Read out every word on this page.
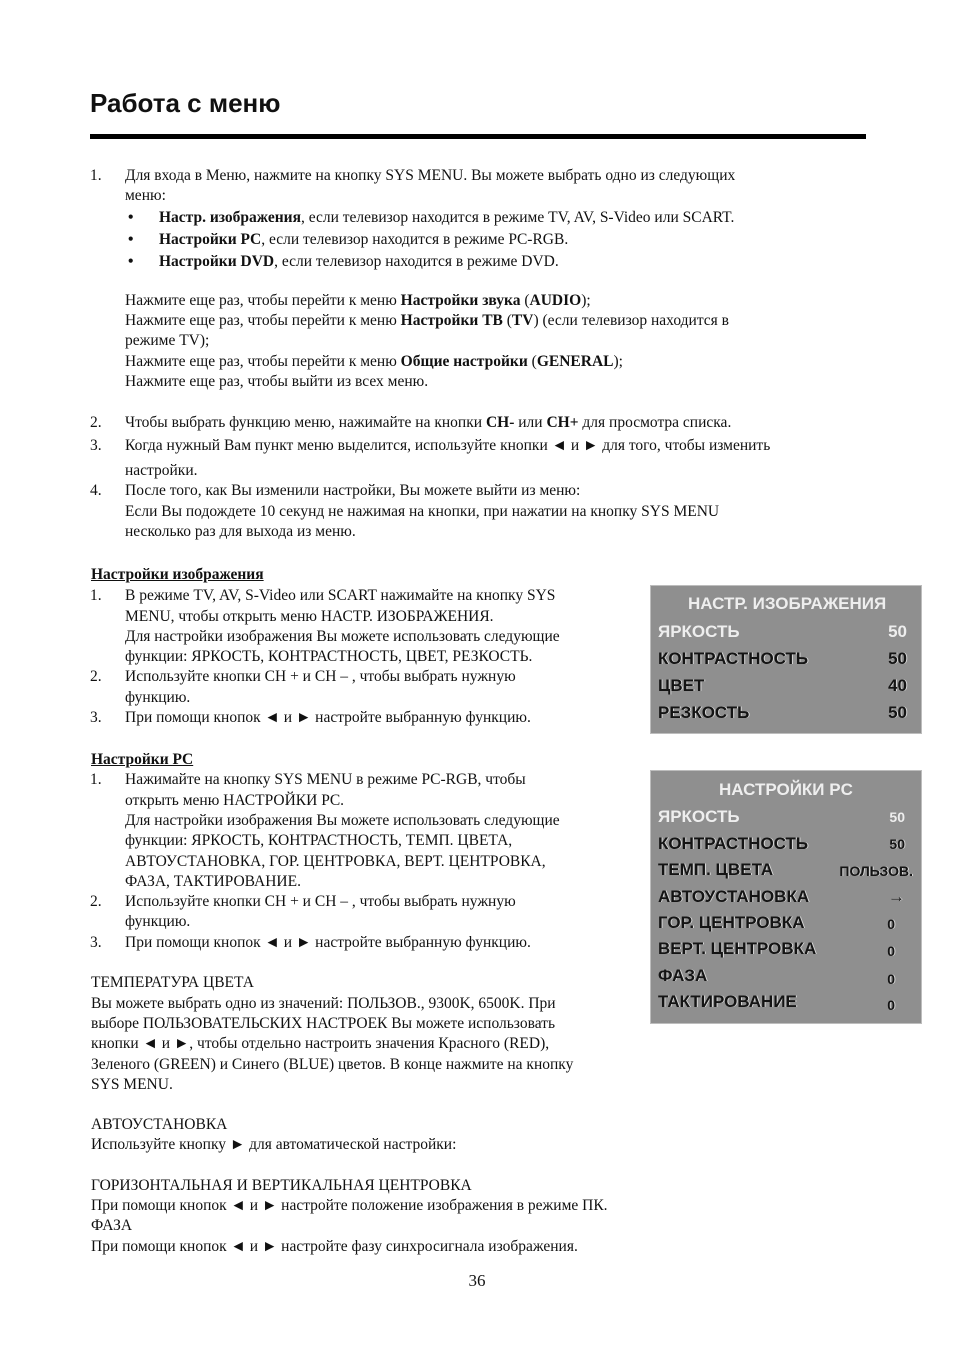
Работа с меню
1. Для входа в Меню, нажмите на кнопку SYS MENU. Вы можете выбрать одно из следующих
меню:
• Настр. изображения, если телевизор находится в режиме TV, AV, S-Video или SCART.
• Настройки PC, если телевизор находится в режиме PC-RGB.
• Настройки DVD, если телевизор находится в режиме DVD.
Нажмите еще раз, чтобы перейти к меню Настройки звука (AUDIO);
Нажмите еще раз, чтобы перейти к меню Настройки ТВ (TV) (если телевизор находится в
режиме TV);
Нажмите еще раз, чтобы перейти к меню Общие настройки (GENERAL);
Нажмите еще раз, чтобы выйти из всех меню.
2. Чтобы выбрать функцию меню, нажимайте на кнопки CH- или CH+ для просмотра списка.
3. Когда нужный Вам пункт меню выделится, используйте кнопки ◄ и ► для того, чтобы изменить
настройки.
4. После того, как Вы изменили настройки, Вы можете выйти из меню:
Если Вы подождете 10 секунд не нажимая на кнопки, при нажатии на кнопку SYS MENU
несколько раз для выхода из меню.
Настройки изображения
1. В режиме TV, AV, S-Video или SCART нажимайте на кнопку SYS
MENU, чтобы открыть меню НАСТР. ИЗОБРАЖЕНИЯ.
Для настройки изображения Вы можете использовать следующие
функции: ЯРКОСТЬ, КОНТРАСТНОСТЬ, ЦВЕТ, РЕЗКОСТЬ.
2. Используйте кнопки CH + и CH – , чтобы выбрать нужную
функцию.
3. При помощи кнопок ◄ и ► настройте выбранную функцию.
НАСТР. ИЗОБРАЖЕНИЯ
ЯРКОСТЬ	50
КОНТРАСТНОСТЬ	50
ЦВЕТ	40
РЕЗКОСТЬ	50
Настройки PC
1. Нажимайте на кнопку SYS MENU в режиме PC-RGB, чтобы
открыть меню НАСТРОЙКИ PC.
Для настройки изображения Вы можете использовать следующие
функции: ЯРКОСТЬ, КОНТРАСТНОСТЬ, ТЕМП. ЦВЕТА,
АВТОУСТАНОВКА, ГОР. ЦЕНТРОВКА, ВЕРТ. ЦЕНТРОВКА,
ФАЗА, ТАКТИРОВАНИЕ.
2. Используйте кнопки CH + и CH – , чтобы выбрать нужную
функцию.
3. При помощи кнопок ◄ и ► настройте выбранную функцию.
ТЕМПЕРАТУРА ЦВЕТА
Вы можете выбрать одно из значений: ПОЛЬЗОВ., 9300K, 6500K. При
выборе ПОЛЬЗОВАТЕЛЬСКИХ НАСТРОЕК Вы можете использовать
кнопки ◄ и ►, чтобы отдельно настроить значения Красного (RED),
Зеленого (GREEN) и Синего (BLUE) цветов. В конце нажмите на кнопку
SYS MENU.
АВТОУСТАНОВКА
Используйте кнопку ► для автоматической настройки:
ГОРИЗОНТАЛЬНАЯ И ВЕРТИКАЛЬНАЯ ЦЕНТРОВКА
При помощи кнопок ◄ и ► настройте положение изображения в режиме ПК.
ФАЗА
При помощи кнопок ◄ и ► настройте фазу синхросигнала изображения.
НАСТРОЙКИ PC
ЯРКОСТЬ	50
КОНТРАСТНОСТЬ	50
ТЕМП. ЦВЕТА	ПОЛЬЗОВ.
АВТОУСТАНОВКА	→
ГОР. ЦЕНТРОВКА	0
ВЕРТ. ЦЕНТРОВКА	0
ФАЗА	0
ТАКТИРОВАНИЕ	0
36
